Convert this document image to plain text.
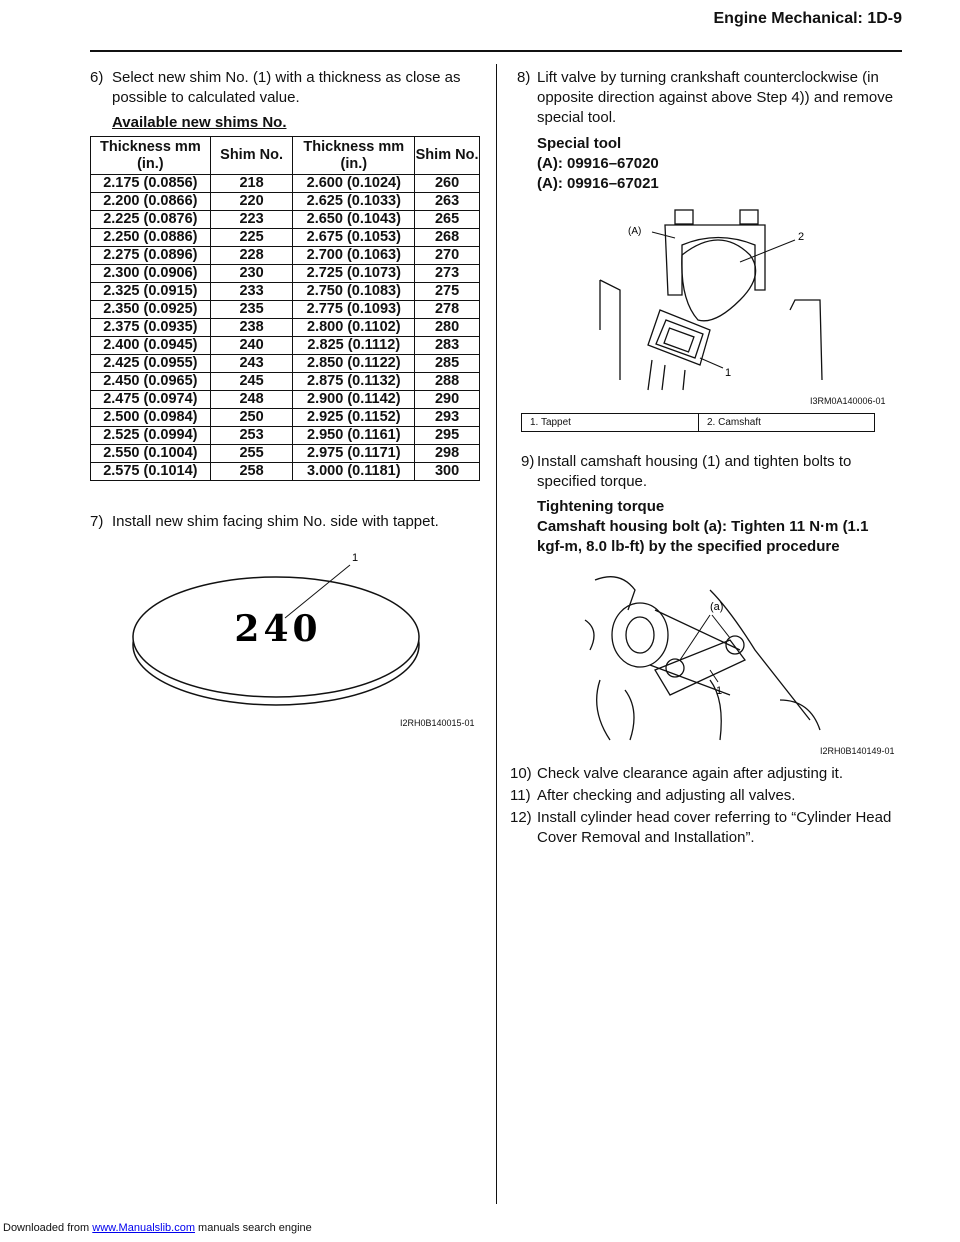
Engine Mechanical: 1D-9
6) Select new shim No. (1) with a thickness as close as possible to calculated value.
Available new shims No.
Thickness mm (in.)	Shim No.	Thickness mm (in.)	Shim No.
2.175 (0.0856)	218	2.600 (0.1024)	260
2.200 (0.0866)	220	2.625 (0.1033)	263
2.225 (0.0876)	223	2.650 (0.1043)	265
2.250 (0.0886)	225	2.675 (0.1053)	268
2.275 (0.0896)	228	2.700 (0.1063)	270
2.300 (0.0906)	230	2.725 (0.1073)	273
2.325 (0.0915)	233	2.750 (0.1083)	275
2.350 (0.0925)	235	2.775 (0.1093)	278
2.375 (0.0935)	238	2.800 (0.1102)	280
2.400 (0.0945)	240	2.825 (0.1112)	283
2.425 (0.0955)	243	2.850 (0.1122)	285
2.450 (0.0965)	245	2.875 (0.1132)	288
2.475 (0.0974)	248	2.900 (0.1142)	290
2.500 (0.0984)	250	2.925 (0.1152)	293
2.525 (0.0994)	253	2.950 (0.1161)	295
2.550 (0.1004)	255	2.975 (0.1171)	298
2.575 (0.1014)	258	3.000 (0.1181)	300
7) Install new shim facing shim No. side with tappet.
240
1
I2RH0B140015-01
8) Lift valve by turning crankshaft counterclockwise (in opposite direction against above Step 4)) and remove special tool.
Special tool
(A): 09916–67020
(A): 09916–67021
(A)	2
1
I3RM0A140006-01
1. Tappet	2. Camshaft
9) Install camshaft housing (1) and tighten bolts to specified torque.
Tightening torque
Camshaft housing bolt (a): Tighten 11 N·m (1.1
kgf-m, 8.0 lb-ft) by the specified procedure
(a)
1
I2RH0B140149-01
10) Check valve clearance again after adjusting it.
11) After checking and adjusting all valves.
12) Install cylinder head cover referring to “Cylinder Head Cover Removal and Installation”.
Downloaded from www.Manualslib.com manuals search engine
